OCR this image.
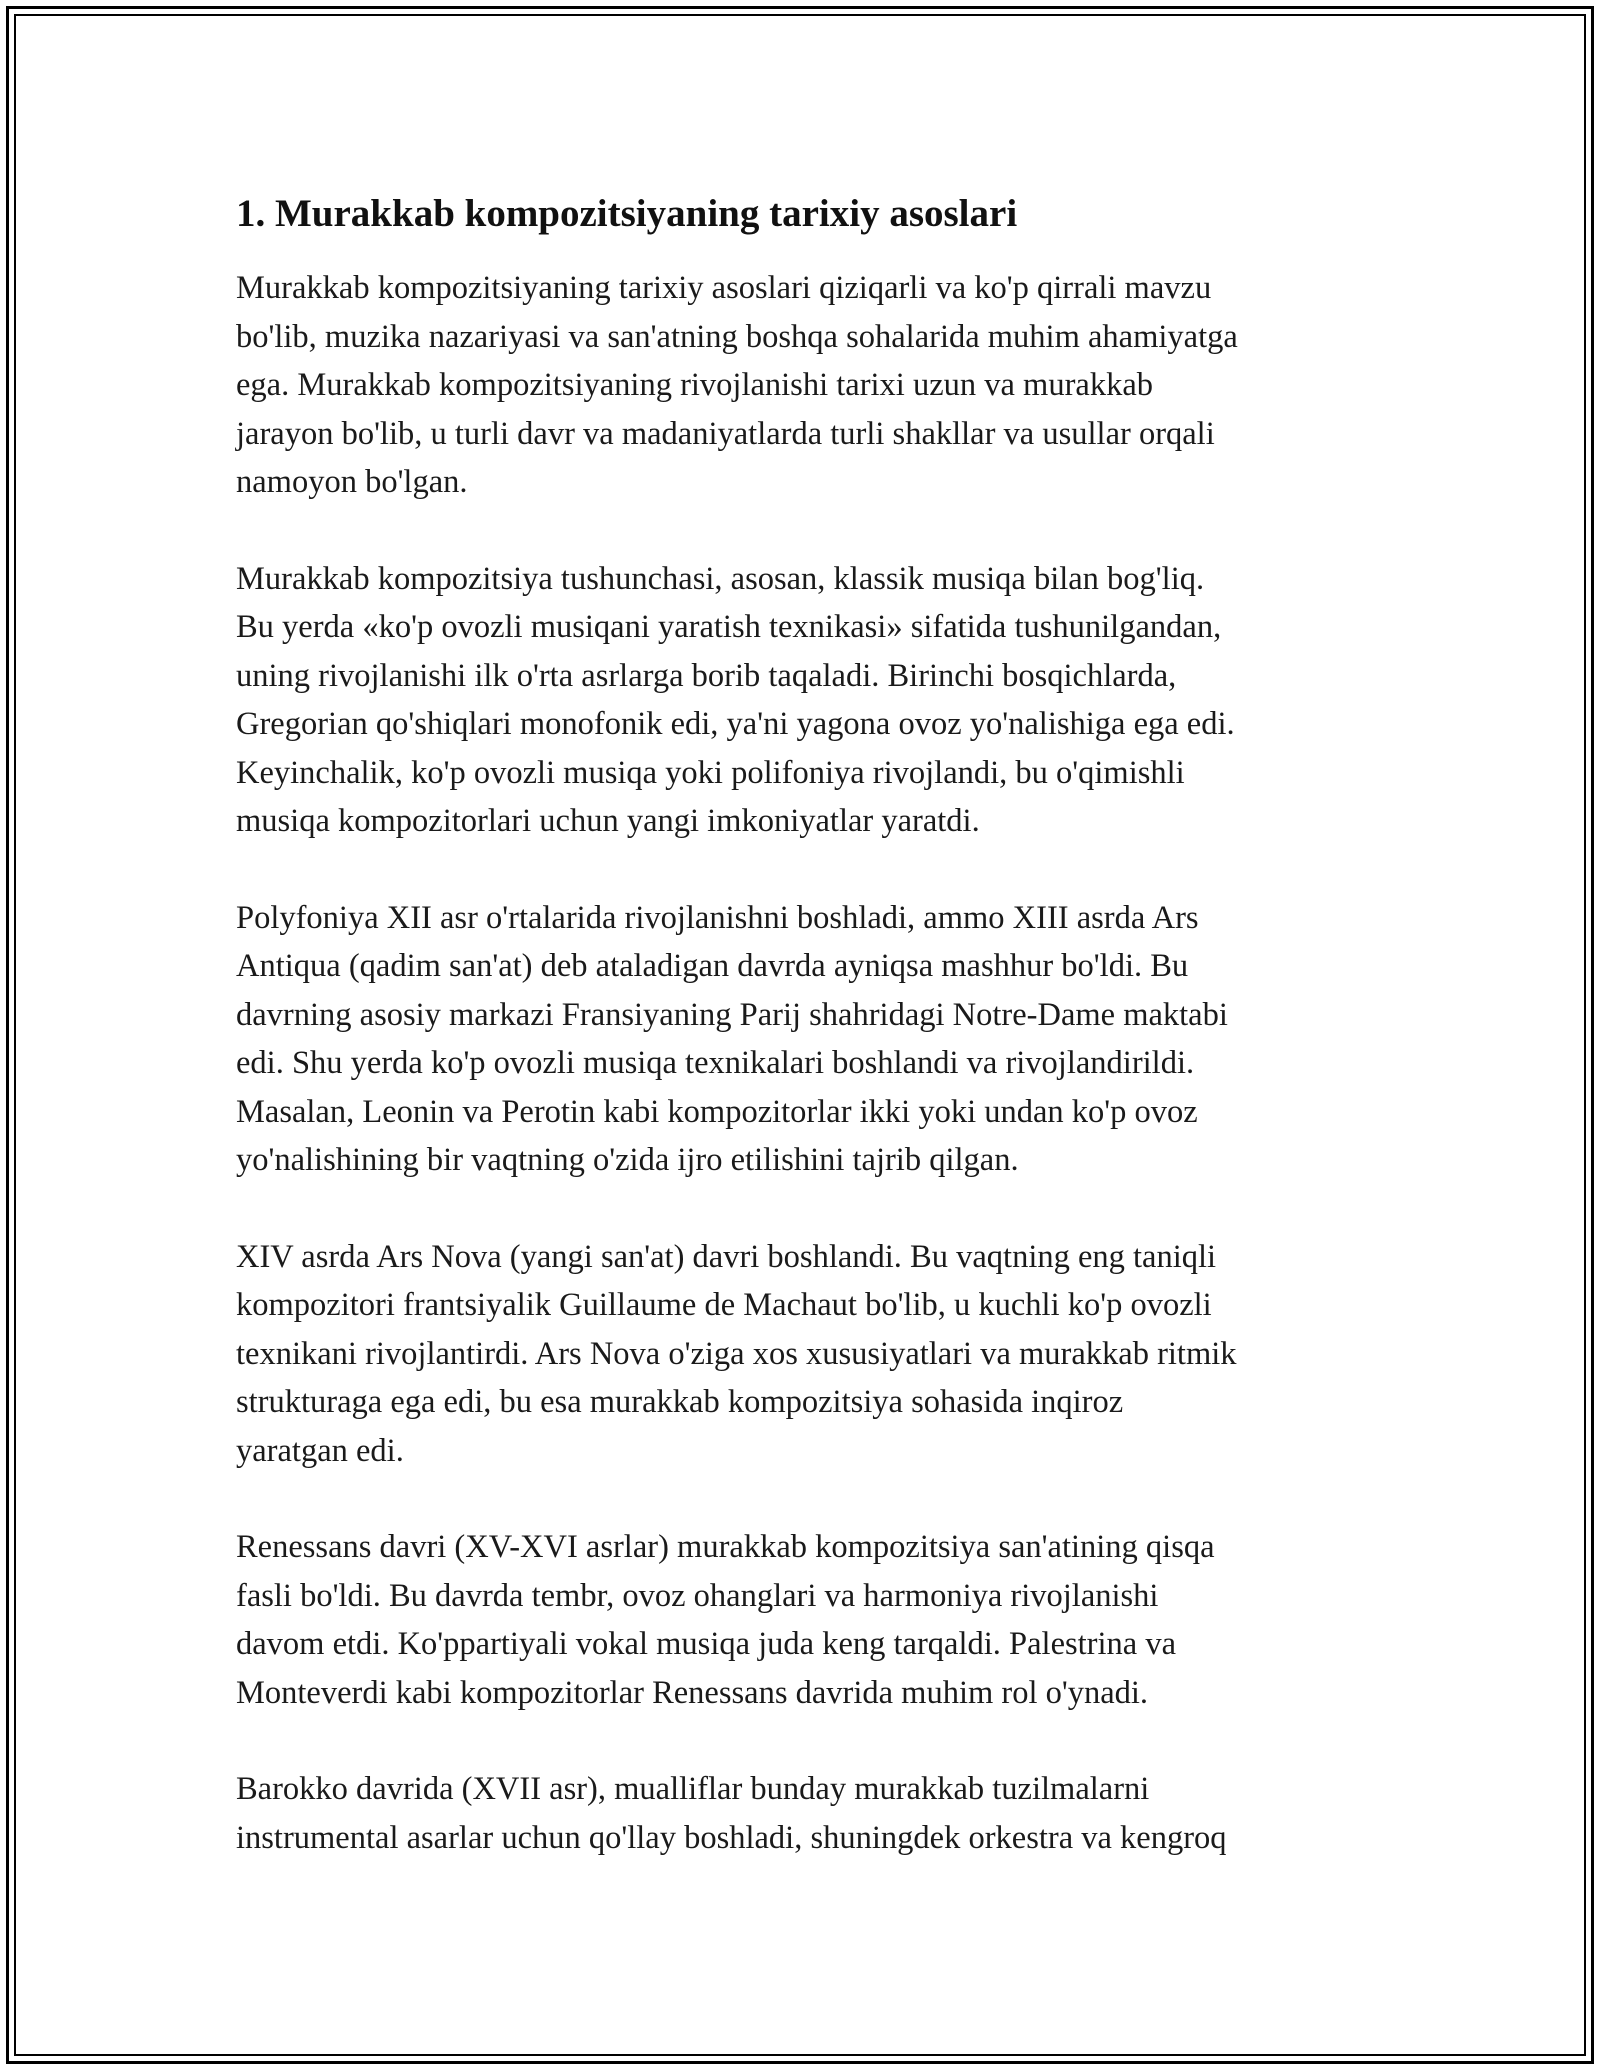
1. Murakkab kompozitsiyaning tarixiy asoslari

Murakkab kompozitsiyaning tarixiy asoslari qiziqarli va ko'p qirrali mavzu
bo'lib, muzika nazariyasi va san'atning boshqa sohalarida muhim ahamiyatga
ega. Murakkab kompozitsiyaning rivojlanishi tarixi uzun va murakkab
jarayon bo'lib, u turli davr va madaniyatlarda turli shakllar va usullar orqali
namoyon bo'lgan.

Murakkab kompozitsiya tushunchasi, asosan, klassik musiqa bilan bog'liq.
Bu yerda «ko'p ovozli musiqani yaratish texnikasi» sifatida tushunilgandan,
uning rivojlanishi ilk o'rta asrlarga borib taqaladi. Birinchi bosqichlarda,
Gregorian qo'shiqlari monofonik edi, ya'ni yagona ovoz yo'nalishiga ega edi.
Keyinchalik, ko'p ovozli musiqa yoki polifoniya rivojlandi, bu o'qimishli
musiqa kompozitorlari uchun yangi imkoniyatlar yaratdi.

Polyfoniya XII asr o'rtalarida rivojlanishni boshladi, ammo XIII asrda Ars
Antiqua (qadim san'at) deb ataladigan davrda ayniqsa mashhur bo'ldi. Bu
davrning asosiy markazi Fransiyaning Parij shahridagi Notre-Dame maktabi
edi. Shu yerda ko'p ovozli musiqa texnikalari boshlandi va rivojlandirildi.
Masalan, Leonin va Perotin kabi kompozitorlar ikki yoki undan ko'p ovoz
yo'nalishining bir vaqtning o'zida ijro etilishini tajrib qilgan.

XIV asrda Ars Nova (yangi san'at) davri boshlandi. Bu vaqtning eng taniqli
kompozitori frantsiyalik Guillaume de Machaut bo'lib, u kuchli ko'p ovozli
texnikani rivojlantirdi. Ars Nova o'ziga xos xususiyatlari va murakkab ritmik
strukturaga ega edi, bu esa murakkab kompozitsiya sohasida inqiroz
yaratgan edi.

Renessans davri (XV-XVI asrlar) murakkab kompozitsiya san'atining qisqa
fasli bo'ldi. Bu davrda tembr, ovoz ohanglari va harmoniya rivojlanishi
davom etdi. Ko'ppartiyali vokal musiqa juda keng tarqaldi. Palestrina va
Monteverdi kabi kompozitorlar Renessans davrida muhim rol o'ynadi.

Barokko davrida (XVII asr), mualliflar bunday murakkab tuzilmalarni
instrumental asarlar uchun qo'llay boshladi, shuningdek orkestra va kengroq
